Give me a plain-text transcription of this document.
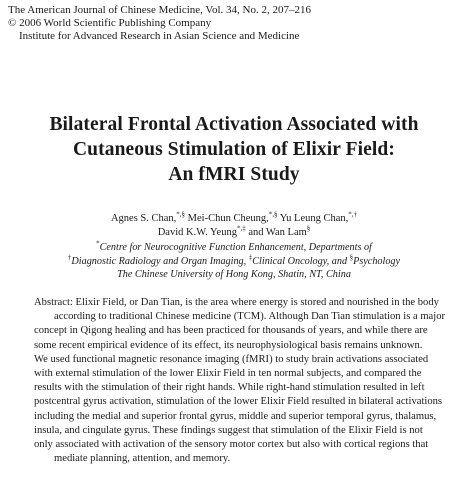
The American Journal of Chinese Medicine, Vol. 34, No. 2, 207–216
© 2006 World Scientific Publishing Company
Institute for Advanced Research in Asian Science and Medicine
Bilateral Frontal Activation Associated with
Cutaneous Stimulation of Elixir Field:
An fMRI Study
Agnes S. Chan,*,§ Mei-Chun Cheung,*,§ Yu Leung Chan,*,†
David K.W. Yeung*,‡ and Wan Lam§
*Centre for Neurocognitive Function Enhancement, Departments of
†Diagnostic Radiology and Organ Imaging, ‡Clinical Oncology, and §Psychology
The Chinese University of Hong Kong, Shatin, NT, China
Abstract: Elixir Field, or Dan Tian, is the area where energy is stored and nourished in the body
according to traditional Chinese medicine (TCM). Although Dan Tian stimulation is a major
concept in Qigong healing and has been practiced for thousands of years, and while there are
some recent empirical evidence of its effect, its neurophysiological basis remains unknown.
We used functional magnetic resonance imaging (fMRI) to study brain activations associated
with external stimulation of the lower Elixir Field in ten normal subjects, and compared the
results with the stimulation of their right hands. While right-hand stimulation resulted in left
postcentral gyrus activation, stimulation of the lower Elixir Field resulted in bilateral activations
including the medial and superior frontal gyrus, middle and superior temporal gyrus, thalamus,
insula, and cingulate gyrus. These findings suggest that stimulation of the Elixir Field is not
only associated with activation of the sensory motor cortex but also with cortical regions that
mediate planning, attention, and memory.
